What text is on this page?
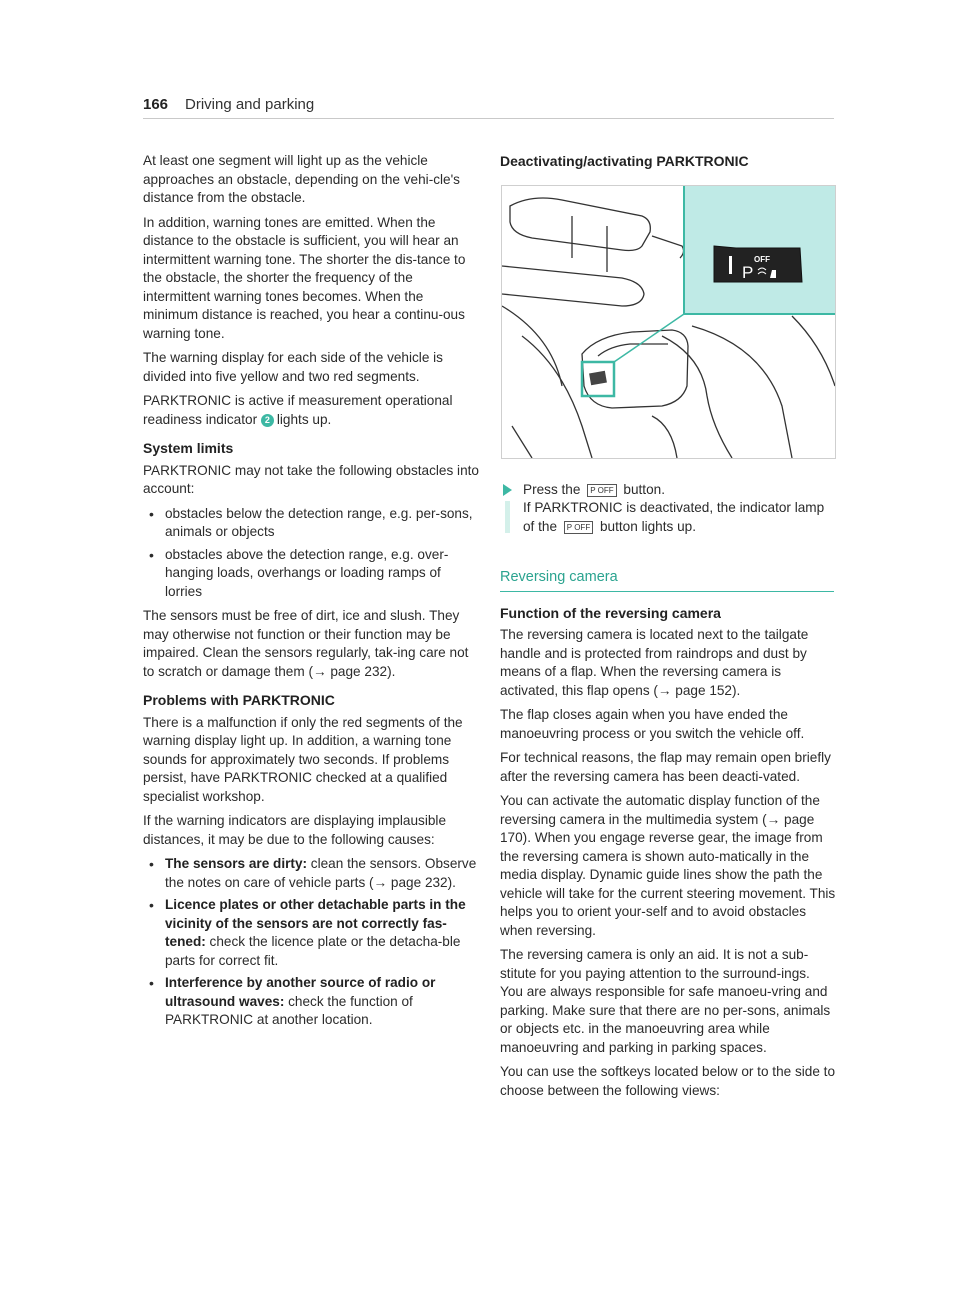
166 Driving and parking

At least one segment will light up as the vehicle approaches an obstacle, depending on the vehi-cle's distance from the obstacle.

In addition, warning tones are emitted. When the distance to the obstacle is sufficient, you will hear an intermittent warning tone. The shorter the dis-tance to the obstacle, the shorter the frequency of the intermittent warning tones becomes. When the minimum distance is reached, you hear a continu-ous warning tone.

The warning display for each side of the vehicle is divided into five yellow and two red segments.

PARKTRONIC is active if measurement operational readiness indicator 2 lights up.

System limits

PARKTRONIC may not take the following obstacles into account:

• obstacles below the detection range, e.g. per-sons, animals or objects
• obstacles above the detection range, e.g. over-hanging loads, overhangs or loading ramps of lorries

The sensors must be free of dirt, ice and slush. They may otherwise not function or their function may be impaired. Clean the sensors regularly, tak-ing care not to scratch or damage them (→ page 232).

Problems with PARKTRONIC

There is a malfunction if only the red segments of the warning display light up. In addition, a warning tone sounds for approximately two seconds. If problems persist, have PARKTRONIC checked at a qualified specialist workshop.

If the warning indicators are displaying implausible distances, it may be due to the following causes:

• The sensors are dirty: clean the sensors. Observe the notes on care of vehicle parts (→ page 232).
• Licence plates or other detachable parts in the vicinity of the sensors are not correctly fas-tened: check the licence plate or the detacha-ble parts for correct fit.
• Interference by another source of radio or ultrasound waves: check the function of PARKTRONIC at another location.
Deactivating/activating PARKTRONIC
OFF
P

Press the P OFF button.
If PARKTRONIC is deactivated, the indicator lamp of the P OFF button lights up.

Reversing camera
Function of the reversing camera

The reversing camera is located next to the tailgate handle and is protected from raindrops and dust by means of a flap. When the reversing camera is activated, this flap opens (→ page 152).

The flap closes again when you have ended the manoeuvring process or you switch the vehicle off.

For technical reasons, the flap may remain open briefly after the reversing camera has been deacti-vated.

You can activate the automatic display function of the reversing camera in the multimedia system (→ page 170). When you engage reverse gear, the image from the reversing camera is shown auto-matically in the media display. Dynamic guide lines show the path the vehicle will take for the current steering movement. This helps you to orient your-self and to avoid obstacles when reversing.

The reversing camera is only an aid. It is not a sub-stitute for you paying attention to the surround-ings. You are always responsible for safe manoeu-vring and parking. Make sure that there are no per-sons, animals or objects etc. in the manoeuvring area while manoeuvring and parking in parking spaces.

You can use the softkeys located below or to the side to choose between the following views:
